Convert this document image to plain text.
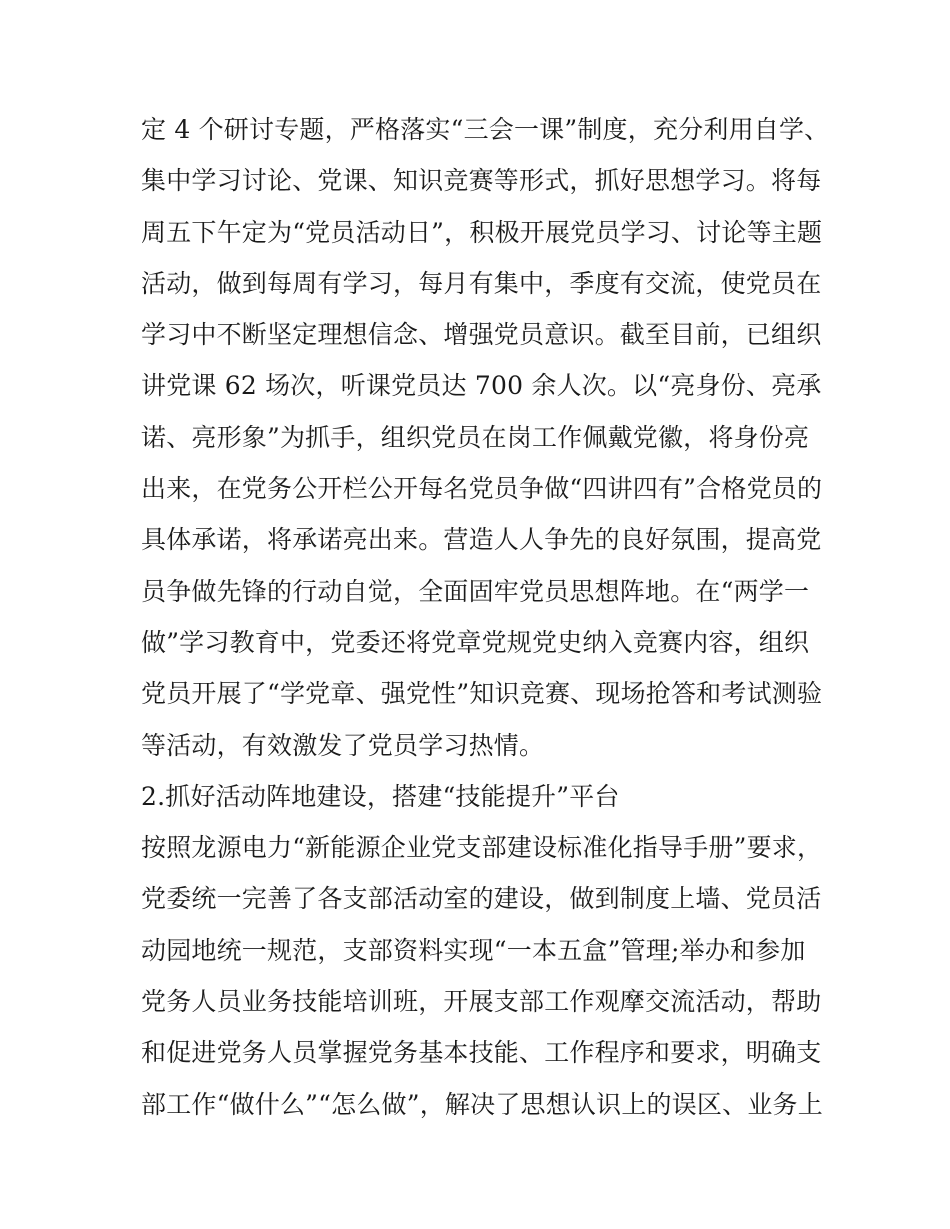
定 4 个研讨专题，严格落实“三会一课”制度，充分利用自学、
集中学习讨论、党课、知识竞赛等形式，抓好思想学习。将每
周五下午定为“党员活动日”，积极开展党员学习、讨论等主题
活动，做到每周有学习，每月有集中，季度有交流，使党员在
学习中不断坚定理想信念、增强党员意识。截至目前，已组织
讲党课 62 场次，听课党员达 700 余人次。以“亮身份、亮承
诺、亮形象”为抓手，组织党员在岗工作佩戴党徽，将身份亮
出来，在党务公开栏公开每名党员争做“四讲四有”合格党员的
具体承诺，将承诺亮出来。营造人人争先的良好氛围，提高党
员争做先锋的行动自觉，全面固牢党员思想阵地。在“两学一
做”学习教育中，党委还将党章党规党史纳入竞赛内容，组织
党员开展了“学党章、强党性”知识竞赛、现场抢答和考试测验
等活动，有效激发了党员学习热情。
2.抓好活动阵地建设，搭建“技能提升”平台
按照龙源电力“新能源企业党支部建设标准化指导手册”要求，
党委统一完善了各支部活动室的建设，做到制度上墙、党员活
动园地统一规范，支部资料实现“一本五盒”管理;举办和参加
党务人员业务技能培训班，开展支部工作观摩交流活动，帮助
和促进党务人员掌握党务基本技能、工作程序和要求，明确支
部工作“做什么”“怎么做”，解决了思想认识上的误区、业务上
